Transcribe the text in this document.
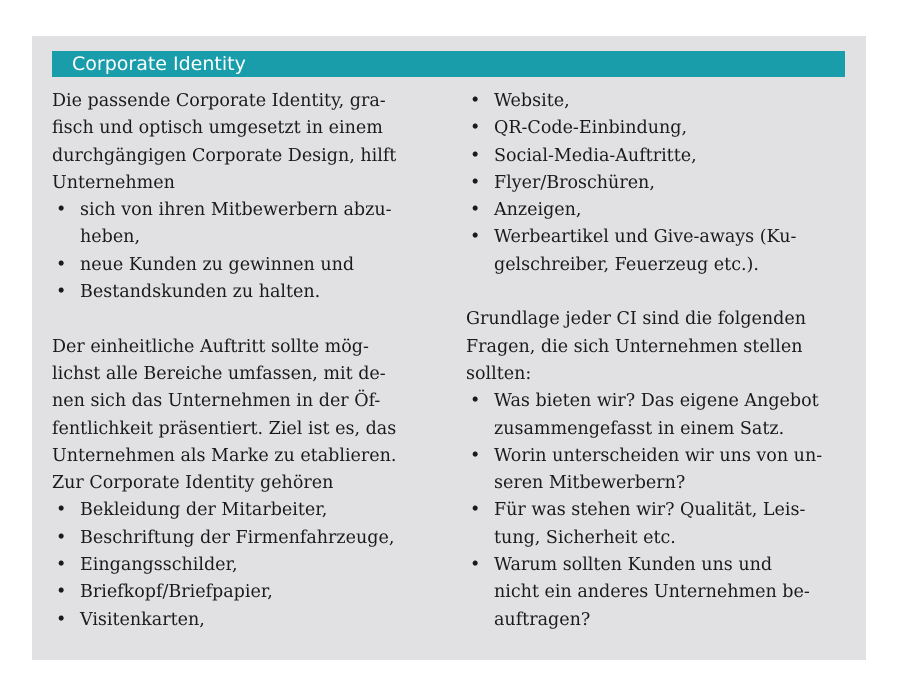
Corporate Identity

Die passende Corporate Identity, gra-
fisch und optisch umgesetzt in einem
durchgängigen Corporate Design, hilft
Unternehmen

• sich von ihren Mitbewerbern abzu-
heben,
• neue Kunden zu gewinnen und
• Bestandskunden zu halten.

Der einheitliche Auftritt sollte mög-
lichst alle Bereiche umfassen, mit de-
nen sich das Unternehmen in der Öf-
fentlichkeit präsentiert. Ziel ist es, das
Unternehmen als Marke zu etablieren.
Zur Corporate Identity gehören

• Bekleidung der Mitarbeiter,
• Beschriftung der Firmenfahrzeuge,
• Eingangsschilder,
• Briefkopf/Briefpapier,
• Visitenkarten,
• Website,
• QR-Code-Einbindung,
• Social-Media-Auftritte,
• Flyer/Broschüren,
• Anzeigen,
• Werbeartikel und Give-aways (Ku-
gelschreiber, Feuerzeug etc.).

Grundlage jeder CI sind die folgenden
Fragen, die sich Unternehmen stellen
sollten:

• Was bieten wir? Das eigene Angebot
zusammengefasst in einem Satz.
• Worin unterscheiden wir uns von un-
seren Mitbewerbern?
• Für was stehen wir? Qualität, Leis-
tung, Sicherheit etc.
• Warum sollten Kunden uns und
nicht ein anderes Unternehmen be-
auftragen?
